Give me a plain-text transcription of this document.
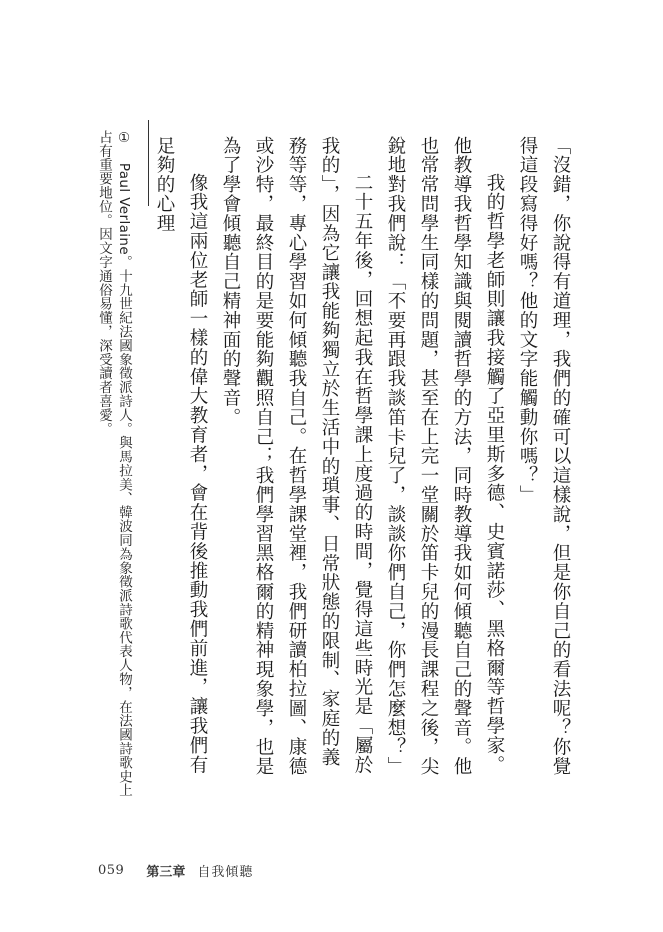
「沒錯，你說得有道理，我們的確可以這樣說，但是你自己的看法呢？你覺得這段寫得好嗎？他的文字能觸動你嗎？」

我的哲學老師則讓我接觸了亞里斯多德、史賓諾莎、黑格爾等哲學家。他教導我哲學知識與閱讀哲學的方法，同時教導我如何傾聽自己的聲音。他也常常問學生同樣的問題，甚至在上完一堂關於笛卡兒的漫長課程之後，尖銳地對我們說：「不要再跟我談笛卡兒了，談談你們自己，你們怎麼想？」

二十五年後，回想起我在哲學課上度過的時間，覺得這些時光是「屬於我的」，因為它讓我能夠獨立於生活中的瑣事、日常狀態的限制、家庭的義務等等，專心學習如何傾聽我自己。在哲學課堂裡，我們研讀柏拉圖、康德或沙特，最終目的是要能夠觀照自己；我們學習黑格爾的精神現象學，也是為了學會傾聽自己精神面的聲音。

像我這兩位老師一樣的偉大教育者，會在背後推動我們前進，讓我們有足夠的心理

① Paul Verlaine。十九世紀法國象徵派詩人。與馬拉美、韓波同為象徵派詩歌代表人物，在法國詩歌史上占有重要地位。因文字通俗易懂，深受讀者喜愛。

059 第三章 自我傾聽
